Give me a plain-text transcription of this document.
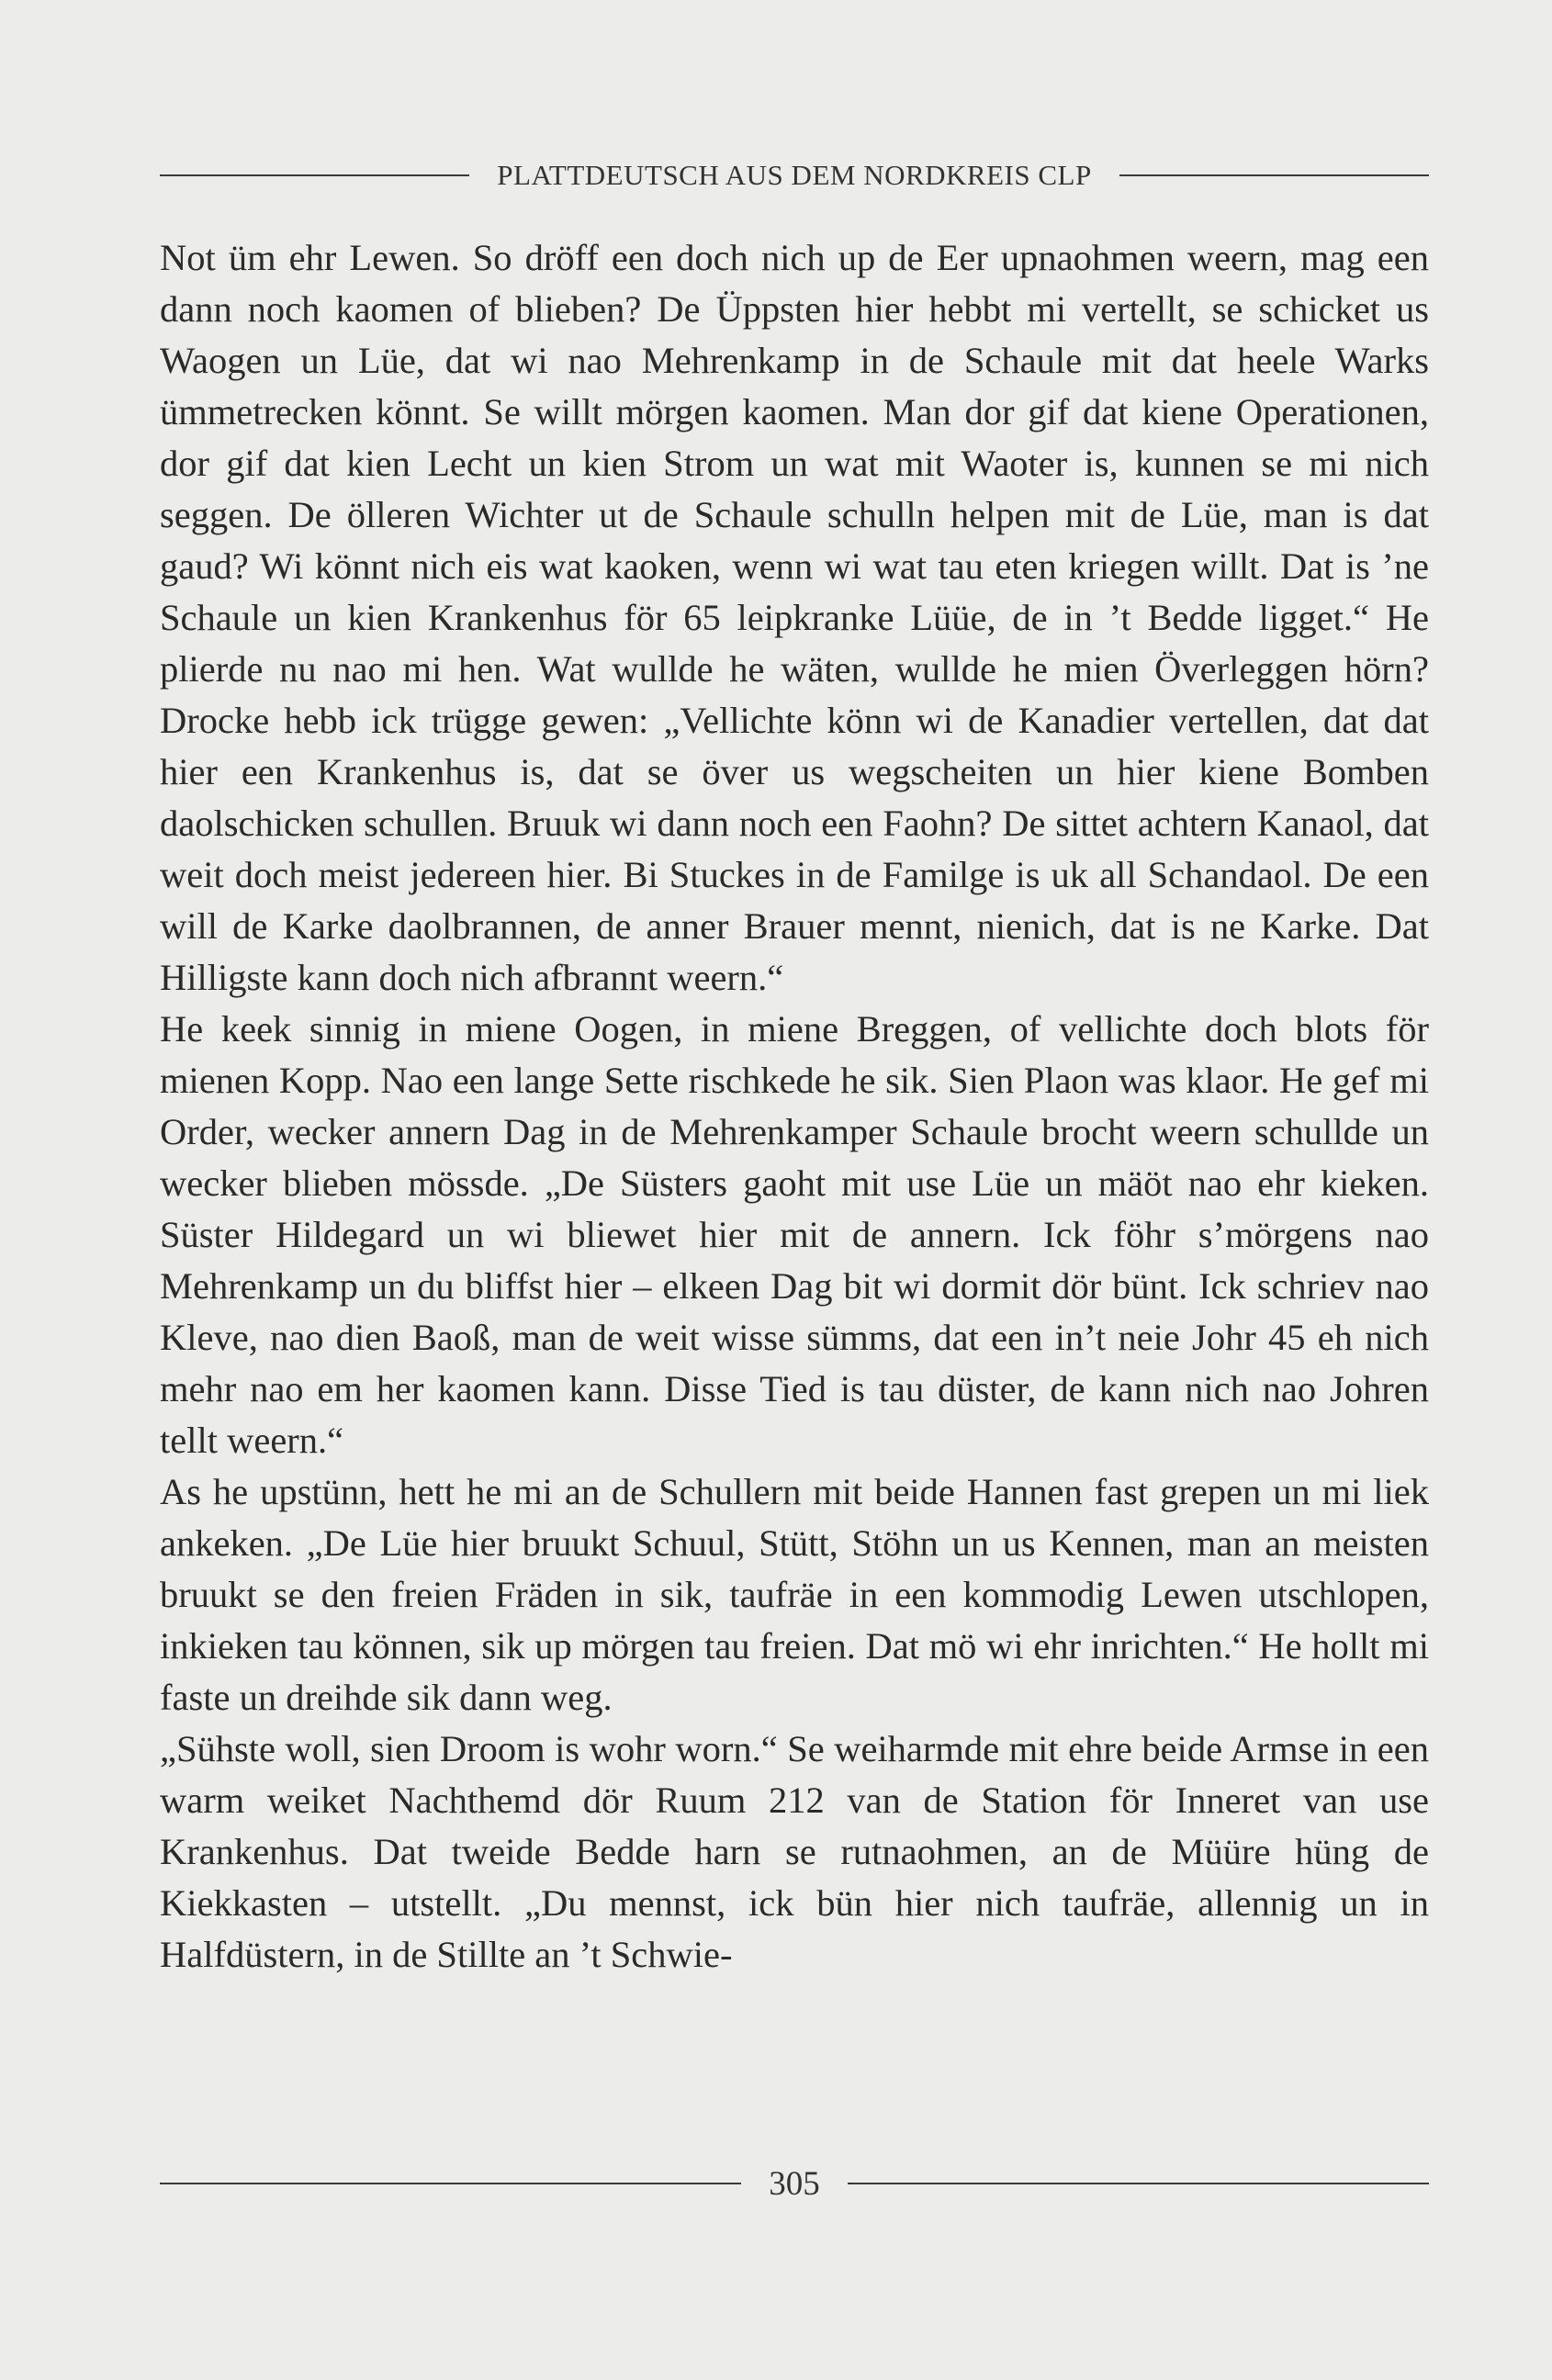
PLATTDEUTSCH AUS DEM NORDKREIS CLP

Not üm ehr Lewen. So dröff een doch nich up de Eer upnaohmen weern, mag een dann noch kaomen of blieben? De Üppsten hier hebbt mi vertellt, se schicket us Waogen un Lüe, dat wi nao Mehrenkamp in de Schaule mit dat heele Warks ümmetrecken könnt. Se willt mörgen kaomen. Man dor gif dat kiene Operationen, dor gif dat kien Lecht un kien Strom un wat mit Waoter is, kunnen se mi nich seggen. De ölleren Wichter ut de Schaule schulln helpen mit de Lüe, man is dat gaud? Wi könnt nich eis wat kaoken, wenn wi wat tau eten kriegen willt. Dat is ’ne Schaule un kien Krankenhus för 65 leipkranke Lüüe, de in ’t Bedde ligget.“ He plierde nu nao mi hen. Wat wullde he wäten, wullde he mien Överleggen hörn? Drocke hebb ick trügge gewen: „Vellichte könn wi de Kanadier vertellen, dat dat hier een Krankenhus is, dat se över us wegscheiten un hier kiene Bomben daolschicken schullen. Bruuk wi dann noch een Faohn? De sittet achtern Kanaol, dat weit doch meist jedereen hier. Bi Stuckes in de Familge is uk all Schandaol. De een will de Karke daolbrannen, de anner Brauer mennt, nienich, dat is ne Karke. Dat Hilligste kann doch nich afbrannt weern.“

He keek sinnig in miene Oogen, in miene Breggen, of vellichte doch blots för mienen Kopp. Nao een lange Sette rischkede he sik. Sien Plaon was klaor. He gef mi Order, wecker annern Dag in de Mehrenkamper Schaule brocht weern schullde un wecker blieben mössde. „De Süsters gaoht mit use Lüe un mäöt nao ehr kieken. Süster Hildegard un wi bliewet hier mit de annern. Ick föhr s’mörgens nao Mehrenkamp un du bliffst hier – elkeen Dag bit wi dormit dör bünt. Ick schriev nao Kleve, nao dien Baoß, man de weit wisse sümms, dat een in’t neie Johr 45 eh nich mehr nao em her kaomen kann. Disse Tied is tau düster, de kann nich nao Johren tellt weern.“

As he upstünn, hett he mi an de Schullern mit beide Hannen fast grepen un mi liek ankeken. „De Lüe hier bruukt Schuul, Stütt, Stöhn un us Kennen, man an meisten bruukt se den freien Fräden in sik, taufräe in een kommodig Lewen utschlopen, inkieken tau können, sik up mörgen tau freien. Dat mö wi ehr inrichten.“ He hollt mi faste un dreihde sik dann weg.

„Sühste woll, sien Droom is wohr worn.“ Se weiharmde mit ehre beide Armse in een warm weiket Nachthemd dör Ruum 212 van de Station för Inneret van use Krankenhus. Dat tweide Bedde harn se rutnaohmen, an de Müüre hüng de Kiekkasten – utstellt. „Du mennst, ick bün hier nich taufräe, allennig un in Halfdüstern, in de Stillte an ’t Schwie-

305
